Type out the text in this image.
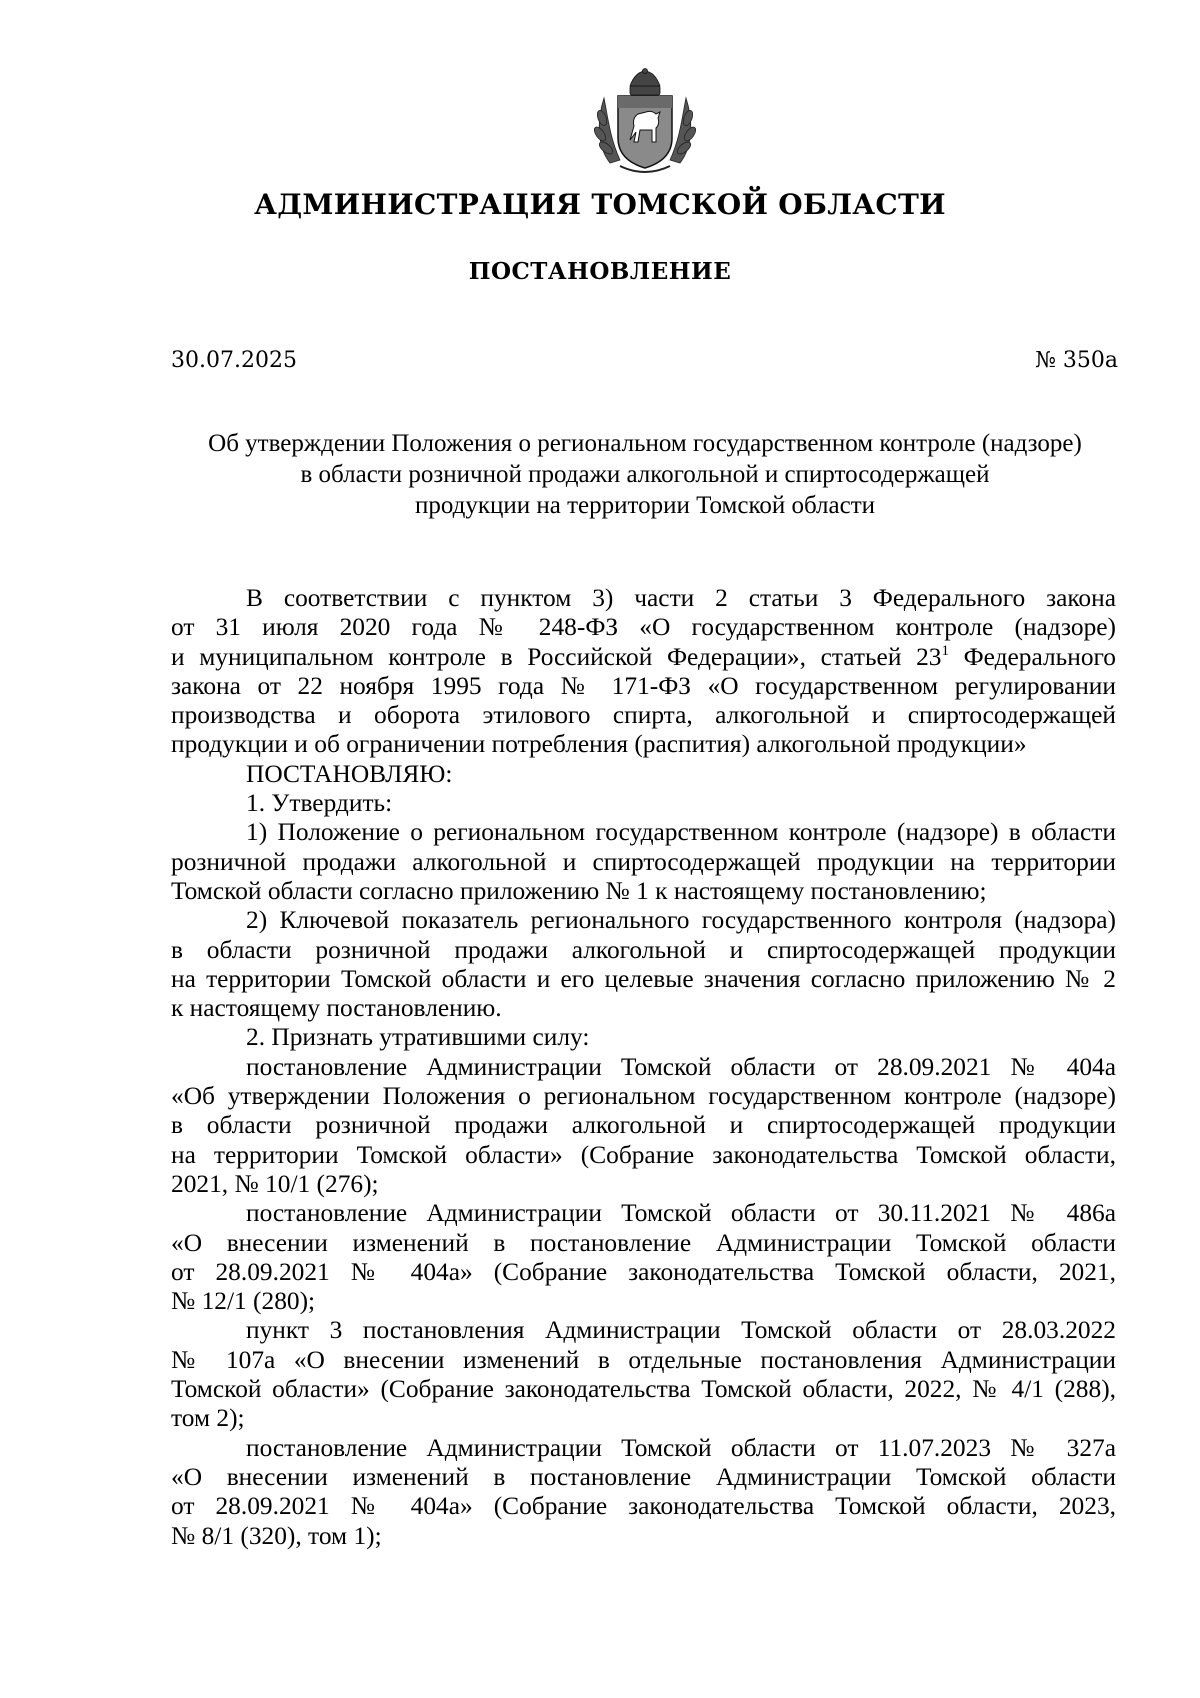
АДМИНИСТРАЦИЯ ТОМСКОЙ ОБЛАСТИ
ПОСТАНОВЛЕНИЕ
30.07.2025	№ 350а
Об утверждении Положения о региональном государственном контроле (надзоре)
в области розничной продажи алкогольной и спиртосодержащей
продукции на территории Томской области
В соответствии с пунктом 3) части 2 статьи 3 Федерального закона
от 31 июля 2020 года № 248-ФЗ «О государственном контроле (надзоре)
и муниципальном контроле в Российской Федерации», статьей $23^1$ Федерального
закона от 22 ноября 1995 года № 171-ФЗ «О государственном регулировании
производства и оборота этилового спирта, алкогольной и спиртосодержащей
продукции и об ограничении потребления (распития) алкогольной продукции»
ПОСТАНОВЛЯЮ:
1. Утвердить:
1) Положение о региональном государственном контроле (надзоре) в области
розничной продажи алкогольной и спиртосодержащей продукции на территории
Томской области согласно приложению № 1 к настоящему постановлению;
2) Ключевой показатель регионального государственного контроля (надзора)
в области розничной продажи алкогольной и спиртосодержащей продукции
на территории Томской области и его целевые значения согласно приложению № 2
к настоящему постановлению.
2. Признать утратившими силу:
постановление Администрации Томской области от 28.09.2021 № 404а
«Об утверждении Положения о региональном государственном контроле (надзоре)
в области розничной продажи алкогольной и спиртосодержащей продукции
на территории Томской области» (Собрание законодательства Томской области,
2021, № 10/1 (276);
постановление Администрации Томской области от 30.11.2021 № 486а
«О внесении изменений в постановление Администрации Томской области
от 28.09.2021 № 404а» (Собрание законодательства Томской области, 2021,
№ 12/1 (280);
пункт 3 постановления Администрации Томской области от 28.03.2022
№ 107а «О внесении изменений в отдельные постановления Администрации
Томской области» (Собрание законодательства Томской области, 2022, № 4/1 (288),
том 2);
постановление Администрации Томской области от 11.07.2023 № 327а
«О внесении изменений в постановление Администрации Томской области
от 28.09.2021 № 404а» (Собрание законодательства Томской области, 2023,
№ 8/1 (320), том 1);
